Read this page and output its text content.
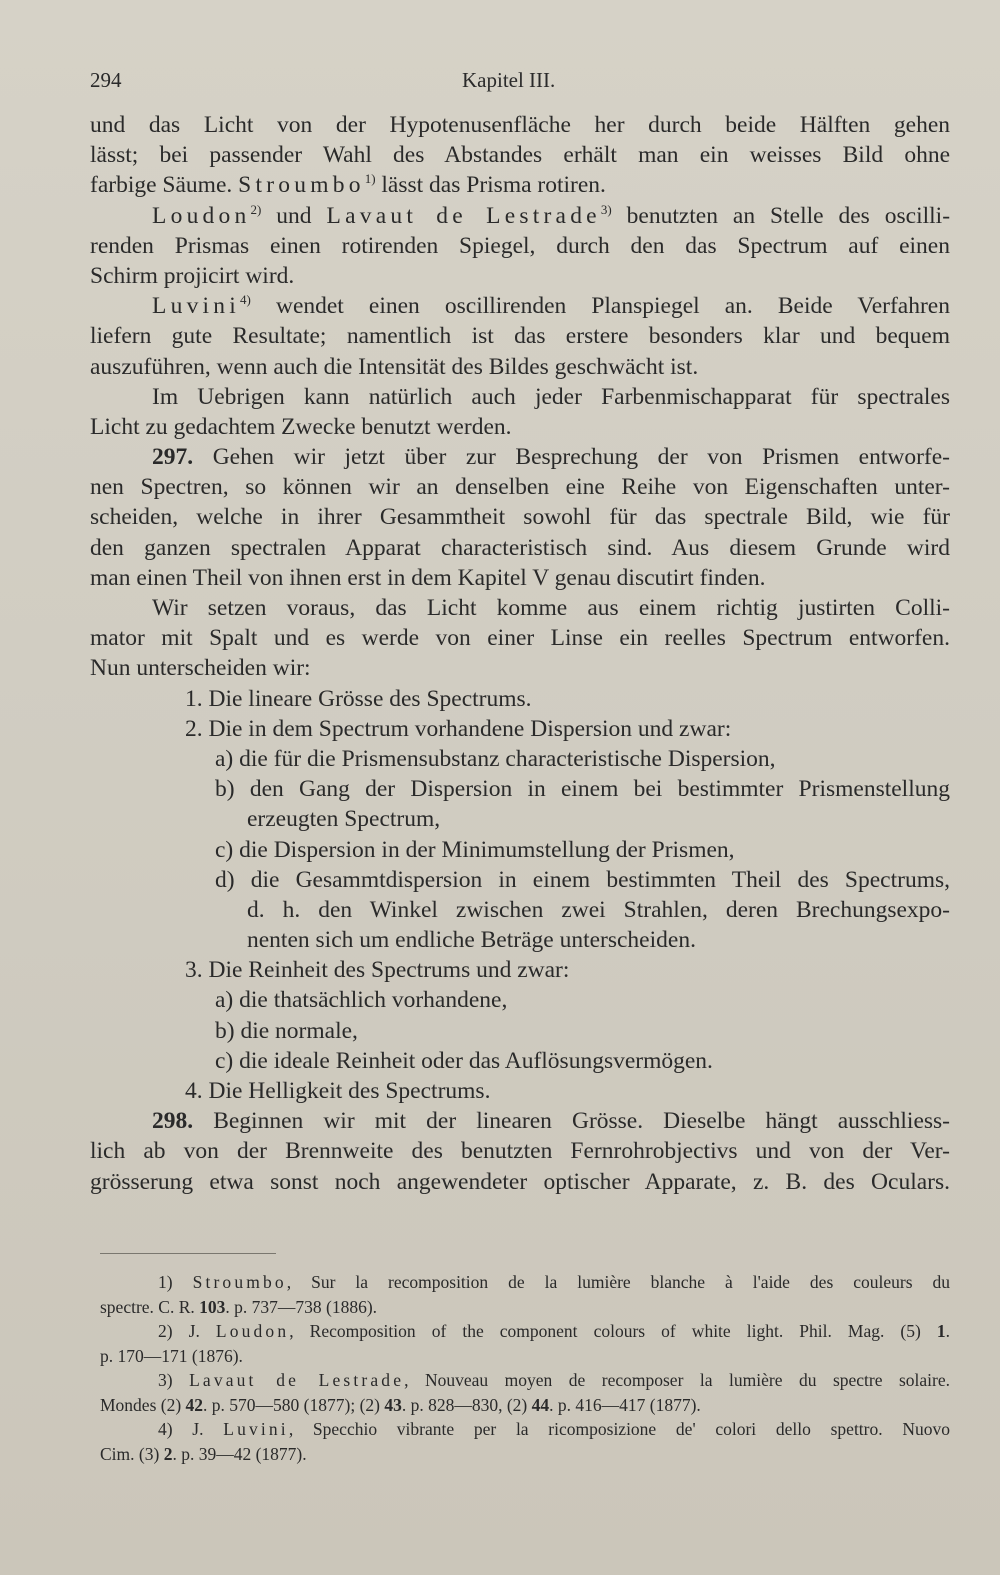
294	Kapitel III.
und das Licht von der Hypotenusenfläche her durch beide Hälften gehen
lässt; bei passender Wahl des Abstandes erhält man ein weisses Bild ohne
farbige Säume. Stroumbo$^{1)}$ lässt das Prisma rotiren.
Loudon$^{2)}$ und Lavaut de Lestrade$^{3)}$ benutzten an Stelle des oscilli-
renden Prismas einen rotirenden Spiegel, durch den das Spectrum auf einen
Schirm projicirt wird.
Luvini$^{4)}$ wendet einen oscillirenden Planspiegel an. Beide Verfahren
liefern gute Resultate; namentlich ist das erstere besonders klar und bequem
auszuführen, wenn auch die Intensität des Bildes geschwächt ist.
Im Uebrigen kann natürlich auch jeder Farbenmischapparat für spectrales
Licht zu gedachtem Zwecke benutzt werden.
297. Gehen wir jetzt über zur Besprechung der von Prismen entworfe-
nen Spectren, so können wir an denselben eine Reihe von Eigenschaften unter-
scheiden, welche in ihrer Gesammtheit sowohl für das spectrale Bild, wie für
den ganzen spectralen Apparat characteristisch sind. Aus diesem Grunde wird
man einen Theil von ihnen erst in dem Kapitel V genau discutirt finden.
Wir setzen voraus, das Licht komme aus einem richtig justirten Colli-
mator mit Spalt und es werde von einer Linse ein reelles Spectrum entworfen.
Nun unterscheiden wir:
1. Die lineare Grösse des Spectrums.
2. Die in dem Spectrum vorhandene Dispersion und zwar:
a) die für die Prismensubstanz characteristische Dispersion,
b) den Gang der Dispersion in einem bei bestimmter Prismenstellung
erzeugten Spectrum,
c) die Dispersion in der Minimumstellung der Prismen,
d) die Gesammtdispersion in einem bestimmten Theil des Spectrums,
d. h. den Winkel zwischen zwei Strahlen, deren Brechungsexpo-
nenten sich um endliche Beträge unterscheiden.
3. Die Reinheit des Spectrums und zwar:
a) die thatsächlich vorhandene,
b) die normale,
c) die ideale Reinheit oder das Auflösungsvermögen.
4. Die Helligkeit des Spectrums.
298. Beginnen wir mit der linearen Grösse. Dieselbe hängt ausschliess-
lich ab von der Brennweite des benutzten Fernrohrobjectivs und von der Ver-
grösserung etwa sonst noch angewendeter optischer Apparate, z. B. des Oculars.
1) Stroumbo, Sur la recomposition de la lumière blanche à l'aide des couleurs du
spectre. C. R. 103. p. 737—738 (1886).
2) J. Loudon, Recomposition of the component colours of white light. Phil. Mag. (5) 1.
p. 170—171 (1876).
3) Lavaut de Lestrade, Nouveau moyen de recomposer la lumière du spectre solaire.
Mondes (2) 42. p. 570—580 (1877); (2) 43. p. 828—830, (2) 44. p. 416—417 (1877).
4) J. Luvini, Specchio vibrante per la ricomposizione de' colori dello spettro. Nuovo
Cim. (3) 2. p. 39—42 (1877).
